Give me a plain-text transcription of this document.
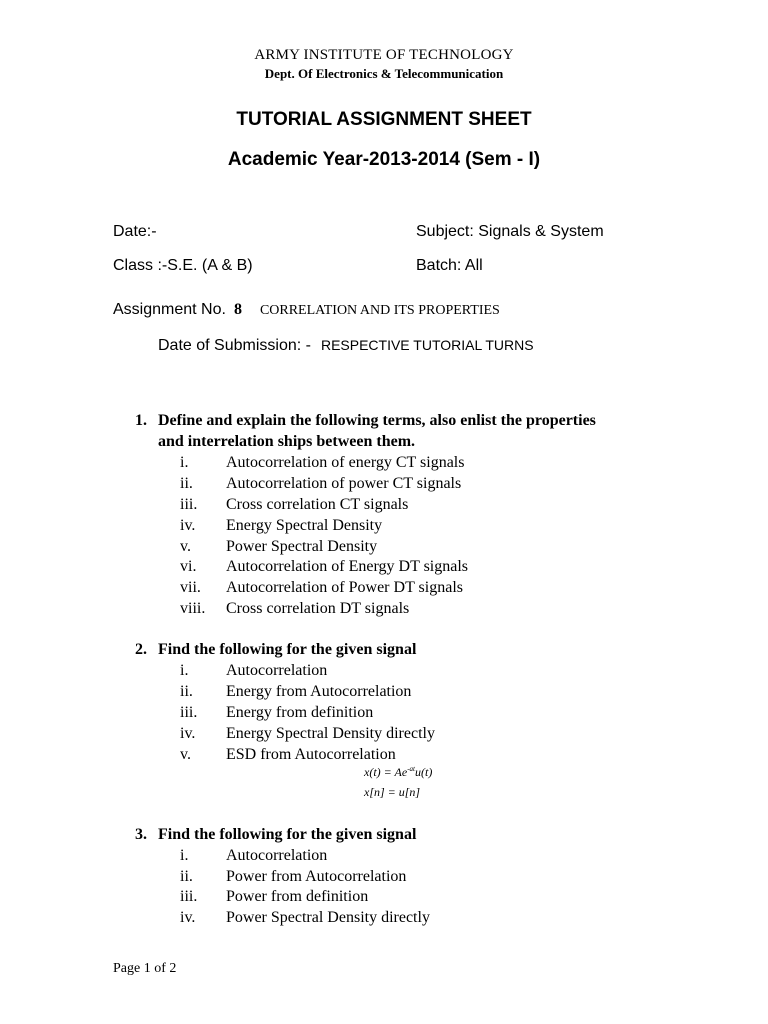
ARMY INSTITUTE OF TECHNOLOGY
Dept. Of Electronics & Telecommunication
TUTORIAL ASSIGNMENT SHEET
Academic Year-2013-2014 (Sem - I)
Date:-	Subject: Signals & System
Class :-S.E. (A & B)	Batch: All
Assignment No. 8 CORRELATION AND ITS PROPERTIES
Date of Submission: - RESPECTIVE TUTORIAL TURNS
1. Define and explain the following terms, also enlist the properties
and interrelation ships between them.
i. Autocorrelation of energy CT signals
ii. Autocorrelation of power CT signals
iii. Cross correlation CT signals
iv. Energy Spectral Density
v. Power Spectral Density
vi. Autocorrelation of Energy DT signals
vii. Autocorrelation of Power DT signals
viii. Cross correlation DT signals
2. Find the following for the given signal
i. Autocorrelation
ii. Energy from Autocorrelation
iii. Energy from definition
iv. Energy Spectral Density directly
v. ESD from Autocorrelation
$x(t) = Ae^{-at}u(t)$
x[n] = u[n]
3. Find the following for the given signal
i. Autocorrelation
ii. Power from Autocorrelation
iii. Power from definition
iv. Power Spectral Density directly
Page 1 of 2
